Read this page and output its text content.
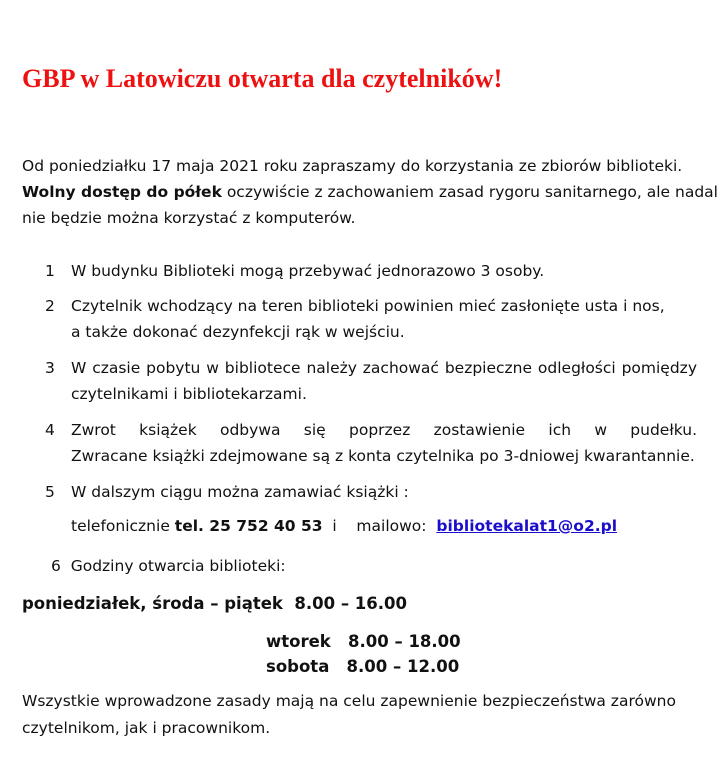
GBP w Latowiczu otwarta dla czytelników!
Od poniedziałku 17 maja 2021 roku zapraszamy do korzystania ze zbiorów biblioteki.
Wolny dostęp do półek oczywiście z zachowaniem zasad rygoru sanitarnego, ale nadal
nie będzie można korzystać z komputerów.
1 W budynku Biblioteki mogą przebywać jednorazowo 3 osoby.
2 Czytelnik wchodzący na teren biblioteki powinien mieć zasłonięte usta i nos,
a także dokonać dezynfekcji rąk w wejściu.
3 W czasie pobytu w bibliotece należy zachować bezpieczne odległości pomiędzy
czytelnikami i bibliotekarzami.
4 Zwrot książek odbywa się poprzez zostawienie ich w pudełku.
Zwracane książki zdejmowane są z konta czytelnika po 3-dniowej kwarantannie.
5 W dalszym ciągu można zamawiać książki :
telefonicznie tel. 25 752 40 53  i    mailowo:  bibliotekalat1@o2.pl
6  Godziny otwarcia biblioteki:
poniedziałek, środa – piątek  8.00 – 16.00
wtorek   8.00 – 18.00
sobota   8.00 – 12.00
Wszystkie wprowadzone zasady mają na celu zapewnienie bezpieczeństwa zarówno
czytelnikom, jak i pracownikom.
